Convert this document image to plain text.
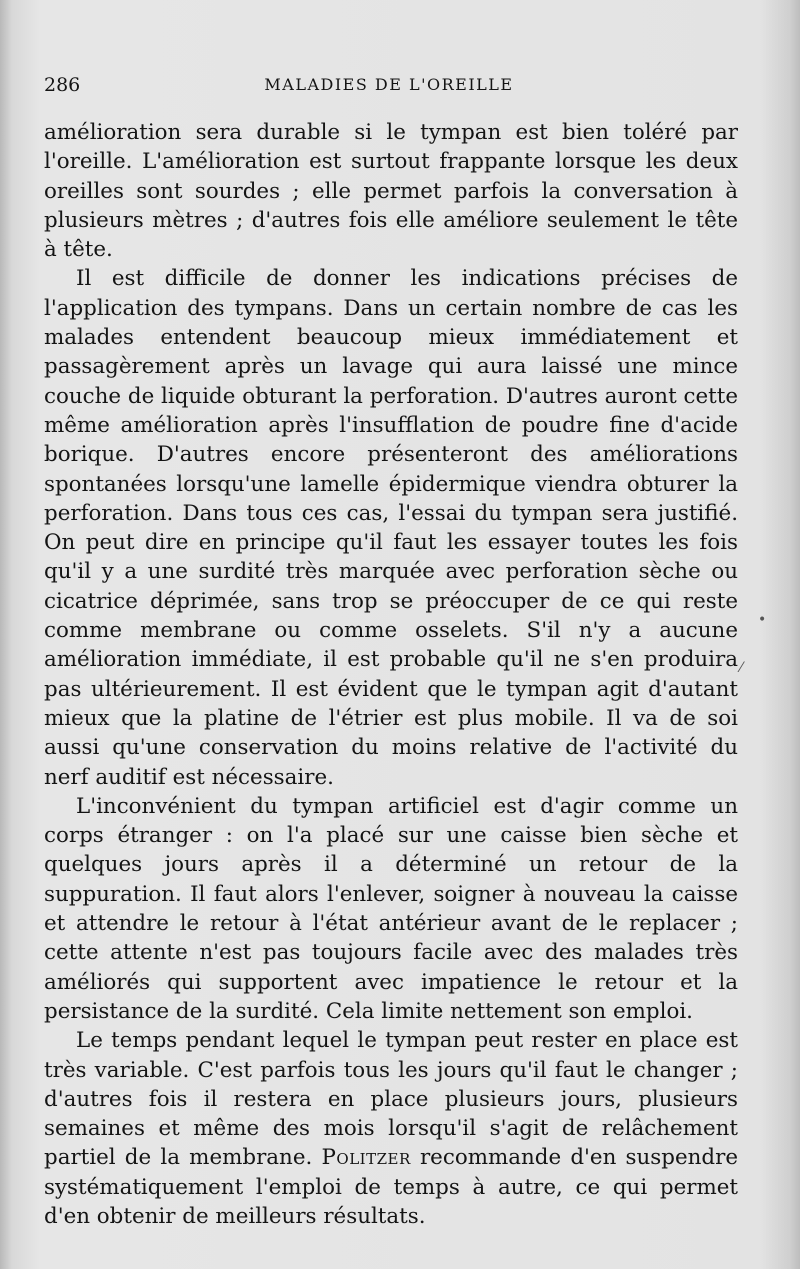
286	MALADIES DE L'OREILLE

amélioration sera durable si le tympan est bien toléré par l'oreille. L'amélioration est surtout frappante lorsque les deux oreilles sont sourdes ; elle permet parfois la conversation à plusieurs mètres ; d'autres fois elle améliore seulement le tête à tête.

Il est difficile de donner les indications précises de l'application des tympans. Dans un certain nombre de cas les malades entendent beaucoup mieux immédiatement et passagèrement après un lavage qui aura laissé une mince couche de liquide obturant la perforation. D'autres auront cette même amélioration après l'insufflation de poudre fine d'acide borique. D'autres encore présenteront des améliorations spontanées lorsqu'une lamelle épidermique viendra obturer la perforation. Dans tous ces cas, l'essai du tympan sera justifié. On peut dire en principe qu'il faut les essayer toutes les fois qu'il y a une surdité très marquée avec perforation sèche ou cicatrice déprimée, sans trop se préoccuper de ce qui reste comme membrane ou comme osselets. S'il n'y a aucune amélioration immédiate, il est probable qu'il ne s'en produira pas ultérieurement. Il est évident que le tympan agit d'autant mieux que la platine de l'étrier est plus mobile. Il va de soi aussi qu'une conservation du moins relative de l'activité du nerf auditif est nécessaire.

L'inconvénient du tympan artificiel est d'agir comme un corps étranger : on l'a placé sur une caisse bien sèche et quelques jours après il a déterminé un retour de la suppuration. Il faut alors l'enlever, soigner à nouveau la caisse et attendre le retour à l'état antérieur avant de le replacer ; cette attente n'est pas toujours facile avec des malades très améliorés qui supportent avec impatience le retour et la persistance de la surdité. Cela limite nettement son emploi.

Le temps pendant lequel le tympan peut rester en place est très variable. C'est parfois tous les jours qu'il faut le changer ; d'autres fois il restera en place plusieurs jours, plusieurs semaines et même des mois lorsqu'il s'agit de relâchement partiel de la membrane. Politzer recommande d'en suspendre systématiquement l'emploi de temps à autre, ce qui permet d'en obtenir de meilleurs résultats.

•
⁄
